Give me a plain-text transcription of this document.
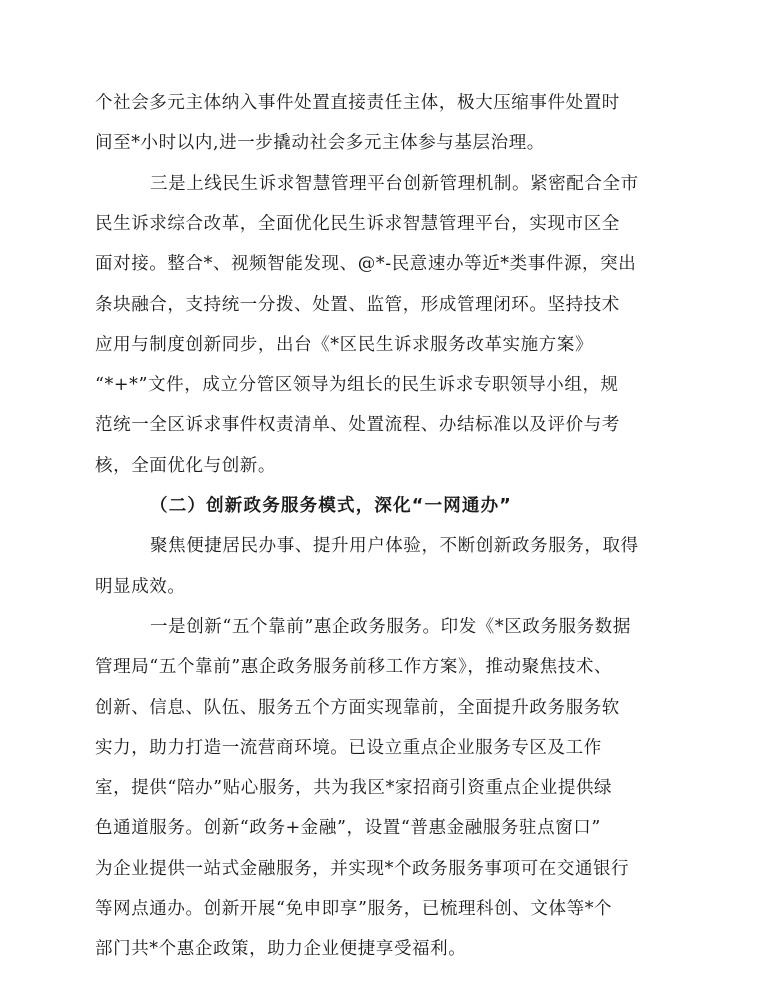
个社会多元主体纳入事件处置直接责任主体，极大压缩事件处置时
间至*小时以内,进一步撬动社会多元主体参与基层治理。
三是上线民生诉求智慧管理平台创新管理机制。紧密配合全市
民生诉求综合改革，全面优化民生诉求智慧管理平台，实现市区全
面对接。整合*、视频智能发现、@*-民意速办等近*类事件源，突出
条块融合，支持统一分拨、处置、监管，形成管理闭环。坚持技术
应用与制度创新同步，出台《*区民生诉求服务改革实施方案》
“*+*”文件，成立分管区领导为组长的民生诉求专职领导小组，规
范统一全区诉求事件权责清单、处置流程、办结标准以及评价与考
核，全面优化与创新。
（二）创新政务服务模式，深化“一网通办”
聚焦便捷居民办事、提升用户体验，不断创新政务服务，取得
明显成效。
一是创新“五个靠前”惠企政务服务。印发《*区政务服务数据
管理局“五个靠前”惠企政务服务前移工作方案》，推动聚焦技术、
创新、信息、队伍、服务五个方面实现靠前，全面提升政务服务软
实力，助力打造一流营商环境。已设立重点企业服务专区及工作
室，提供“陪办”贴心服务，共为我区*家招商引资重点企业提供绿
色通道服务。创新“政务+金融”，设置“普惠金融服务驻点窗口”
为企业提供一站式金融服务，并实现*个政务服务事项可在交通银行
等网点通办。创新开展“免申即享”服务，已梳理科创、文体等*个
部门共*个惠企政策，助力企业便捷享受福利。
